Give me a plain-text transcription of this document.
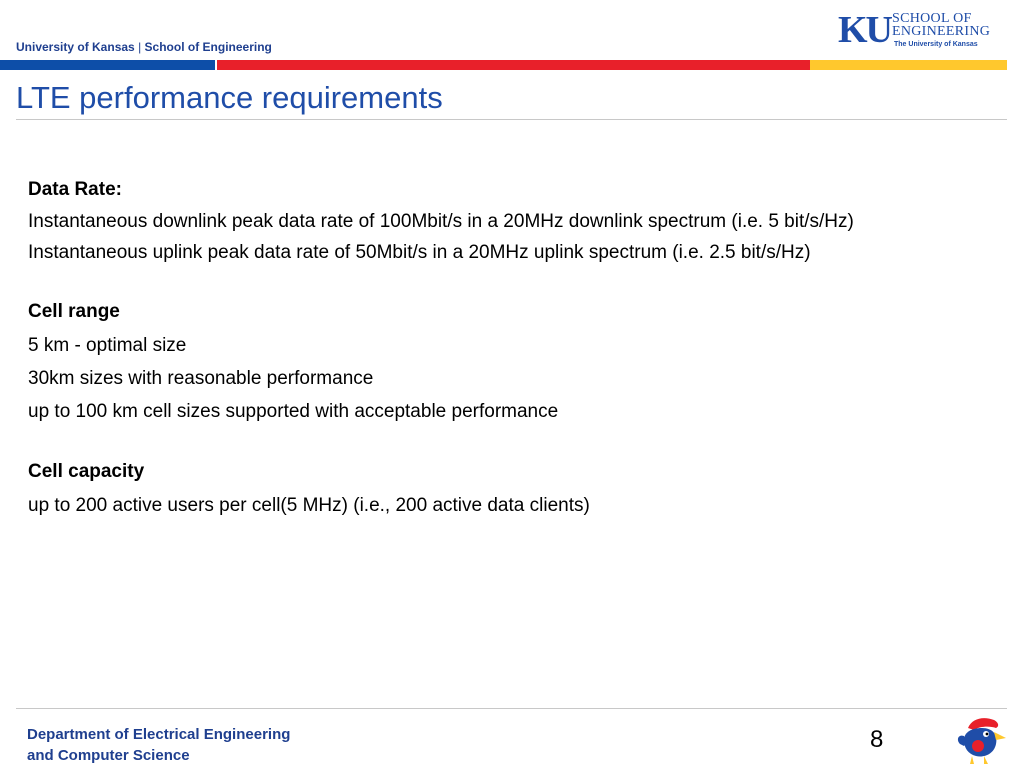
University of Kansas | School of Engineering	KU SCHOOL OF
ENGINEERING
The University of Kansas
LTE performance requirements

Data Rate:

Instantaneous downlink peak data rate of 100Mbit/s in a 20MHz downlink spectrum (i.e. 5 bit/s/Hz)

Instantaneous uplink peak data rate of 50Mbit/s in a 20MHz uplink spectrum (i.e. 2.5 bit/s/Hz)

Cell range

5 km - optimal size

30km sizes with reasonable performance

up to 100 km cell sizes supported with acceptable performance

Cell capacity

up to 200 active users per cell(5 MHz) (i.e., 200 active data clients)

Department of Electrical Engineering
and Computer Science
8
